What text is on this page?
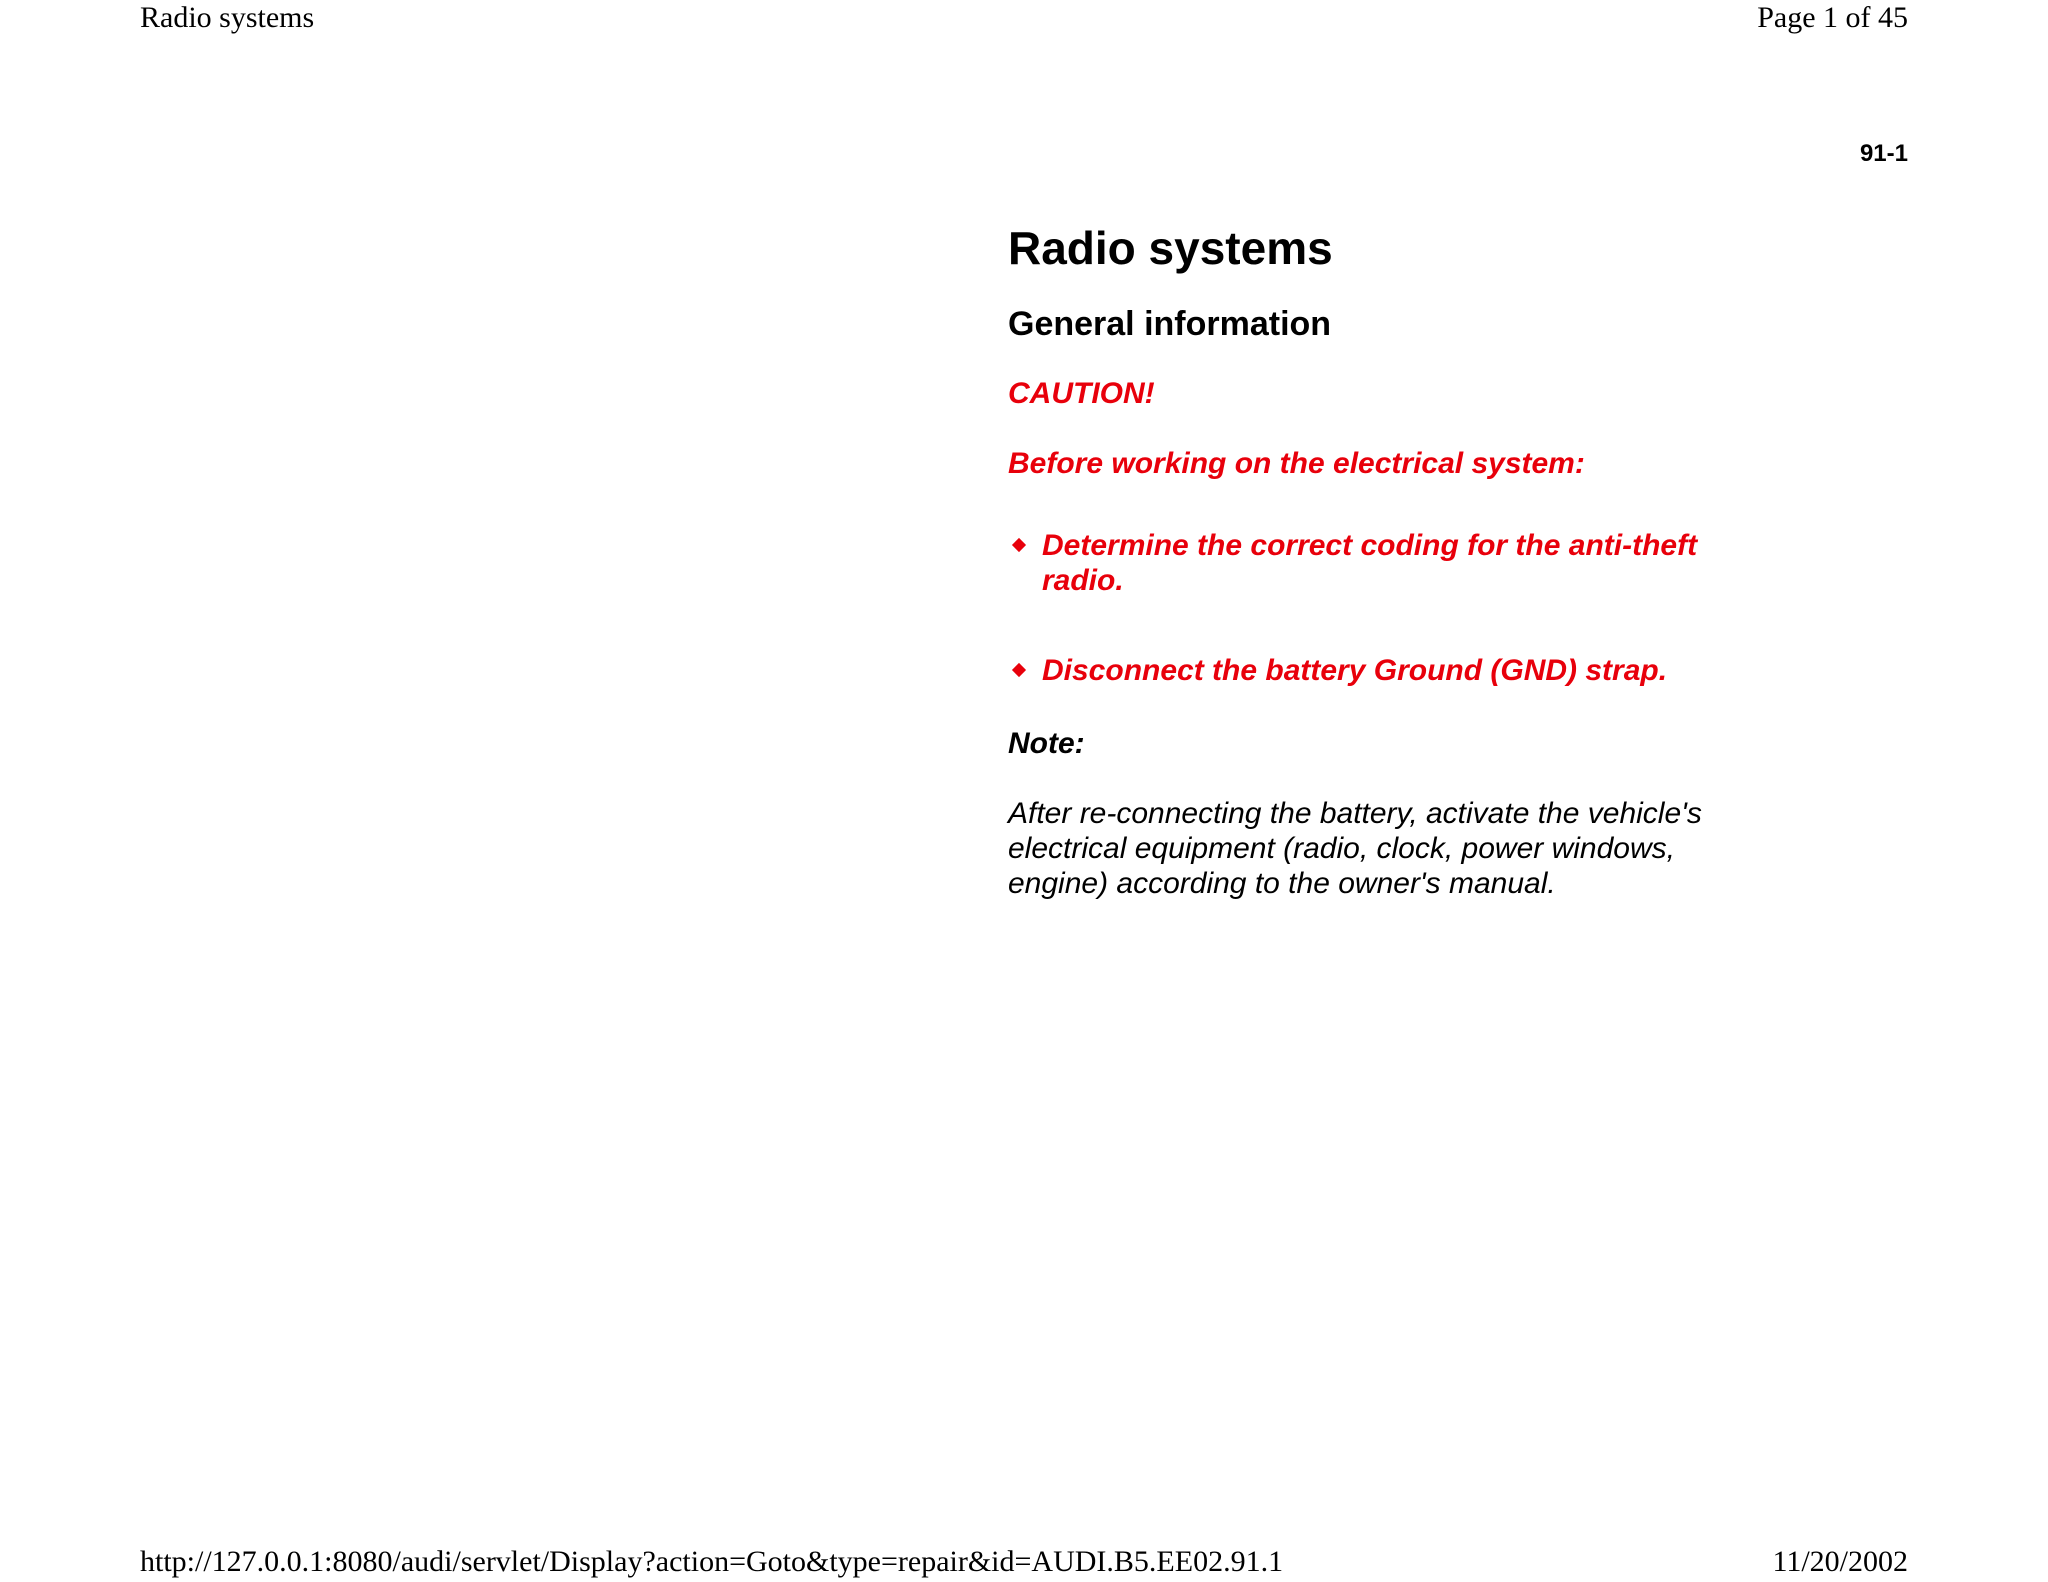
Radio systems	Page 1 of 45
91-1
Radio systems
General information
CAUTION!
Before working on the electrical system:
Determine the correct coding for the anti-theft radio.
Disconnect the battery Ground (GND) strap.
Note:
After re-connecting the battery, activate the vehicle's electrical equipment (radio, clock, power windows, engine) according to the owner's manual.
http://127.0.0.1:8080/audi/servlet/Display?action=Goto&type=repair&id=AUDI.B5.EE02.91.1	11/20/2002
